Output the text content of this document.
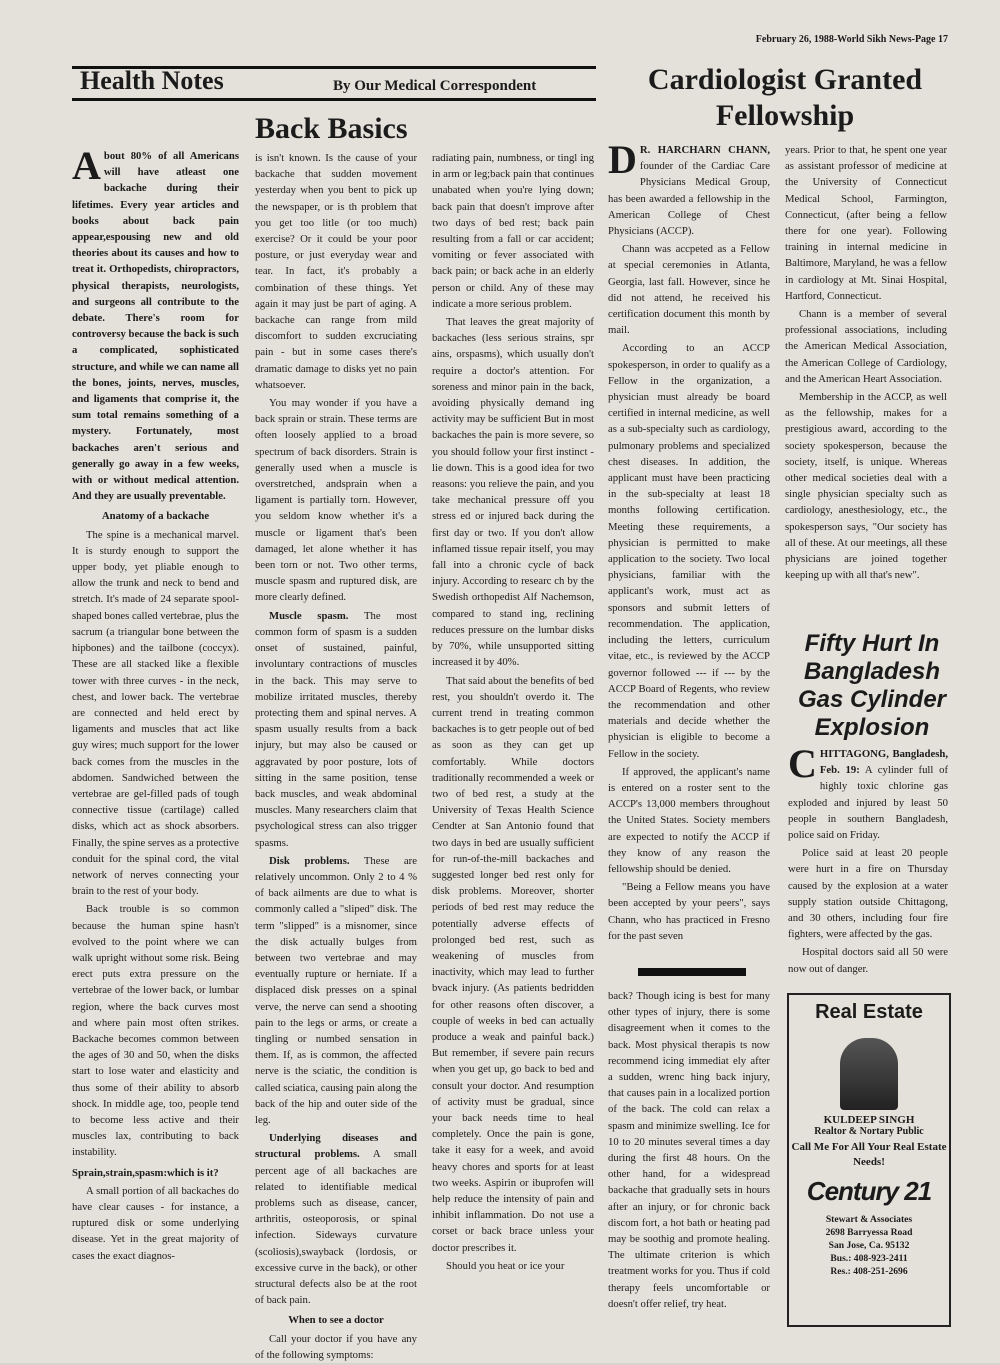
February 26, 1988-World Sikh News-Page 17
Health Notes	By Our Medical Correspondent
Back Basics

About 80% of all Americans will have atleast one backache during their lifetimes. Every year articles and books about back pain appear,espousing new and old theories about its causes and how to treat it. Orthopedists, chiropractors, physical therapists, neurologists, and surgeons all contribute to the debate. There's room for controversy because the back is such a complicated, sophisticated structure, and while we can name all the bones, joints, nerves, muscles, and ligaments that comprise it, the sum total remains something of a mystery. Fortunately, most backaches aren't serious and generally go away in a few weeks, with or without medical attention. And they are usually preventable.

Anatomy of a backache

The spine is a mechanical marvel. It is sturdy enough to support the upper body, yet pliable enough to allow the trunk and neck to bend and stretch. It's made of 24 separate spool-shaped bones called vertebrae, plus the sacrum (a triangular bone between the hipbones) and the tailbone (coccyx). These are all stacked like a flexible tower with three curves - in the neck, chest, and lower back. The vertebrae are connected and held erect by ligaments and muscles that act like guy wires; much support for the lower back comes from the muscles in the abdomen. Sandwiched between the vertebrae are gel-filled pads of tough connective tissue (cartilage) called disks, which act as shock absorbers. Finally, the spine serves as a protective conduit for the spinal cord, the vital network of nerves connecting your brain to the rest of your body.

Back trouble is so common because the human spine hasn't evolved to the point where we can walk upright without some risk. Being erect puts extra pressure on the vertebrae of the lower back, or lumbar region, where the back curves most and where pain most often strikes. Backache becomes common between the ages of 30 and 50, when the disks start to lose water and elasticity and thus some of their ability to absorb shock. In middle age, too, people tend to become less active and their muscles lax, contributing to back instability.

Sprain,strain,spasm:which is it?

A small portion of all backaches do have clear causes - for instance, a ruptured disk or some underlying disease. Yet in the great majority of cases the exact diagnos-

is isn't known. Is the cause of your backache that sudden movement yesterday when you bent to pick up the newspaper, or is th problem that you get too litle (or too much) exercise? Or it could be your poor posture, or just everyday wear and tear. In fact, it's probably a combination of these things. Yet again it may just be part of aging. A backache can range from mild discomfort to sudden excruciating pain - but in some cases there's dramatic damage to disks yet no pain whatsoever.

You may wonder if you have a back sprain or strain. These terms are often loosely applied to a broad spectrum of back disorders. Strain is generally used when a muscle is overstretched, andsprain when a ligament is partially torn. However, you seldom know whether it's a muscle or ligament that's been damaged, let alone whether it has been torn or not. Two other terms, muscle spasm and ruptured disk, are more clearly defined.

Muscle spasm. The most common form of spasm is a sudden onset of sustained, painful, involuntary contractions of muscles in the back. This may serve to mobilize irritated muscles, thereby protecting them and spinal nerves. A spasm usually results from a back injury, but may also be caused or aggravated by poor posture, lots of sitting in the same position, tense back muscles, and weak abdominal muscles. Many researchers claim that psychological stress can also trigger spasms.

Disk problems. These are relatively uncommon. Only 2 to 4 % of back ailments are due to what is commonly called a "sliped" disk. The term "slipped" is a misnomer, since the disk actually bulges from between two vertebrae and may eventually rupture or herniate. If a displaced disk presses on a spinal verve, the nerve can send a shooting pain to the legs or arms, or create a tingling or numbed sensation in them. If, as is common, the affected nerve is the sciatic, the condition is called sciatica, causing pain along the back of the hip and outer side of the leg.

Underlying diseases and structural problems. A small percent age of all backaches are related to identifiable medical problems such as disease, cancer, arthritis, osteoporosis, or spinal infection. Sideways curvature (scoliosis),swayback (lordosis, or excessive curve in the back), or other structural defects also be at the root of back pain.

When to see a doctor

Call your doctor if you have any of the following symptoms:

radiating pain, numbness, or tingl ing in arm or leg;back pain that continues unabated when you're lying down; back pain that doesn't improve after two days of bed rest; back pain resulting from a fall or car accident; vomiting or fever associated with back pain; or back ache in an elderly person or child. Any of these may indicate a more serious problem.

That leaves the great majority of backaches (less serious strains, spr ains, orspasms), which usually don't require a doctor's attention. For soreness and minor pain in the back, avoiding physically demand ing activity may be sufficient But in most backaches the pain is more severe, so you should follow your first instinct - lie down. This is a good idea for two reasons: you relieve the pain, and you take mechanical pressure off you stress ed or injured back during the first day or two. If you don't allow inflamed tissue repair itself, you may fall into a chronic cycle of back injury. According to researc ch by the Swedish orthopedist Alf Nachemson, compared to stand ing, reclining reduces pressure on the lumbar disks by 70%, while unsupported sitting increased it by 40%.

That said about the benefits of bed rest, you shouldn't overdo it. The current trend in treating common backaches is to getr people out of bed as soon as they can get up comfortably. While doctors traditionally recommended a week or two of bed rest, a study at the University of Texas Health Science Cendter at San Antonio found that two days in bed are usually sufficient for run-of-the-mill backaches and suggested longer bed rest only for disk problems. Moreover, shorter periods of bed rest may reduce the potentially adverse effects of prolonged bed rest, such as weakening of muscles from inactivity, which may lead to further bvack injury. (As patients bedridden for other reasons often discover, a couple of weeks in bed can actually produce a weak and painful back.) But remember, if severe pain recurs when you get up, go back to bed and consult your doctor. And resumption of activity must be gradual, since your back needs time to heal completely. Once the pain is gone, take it easy for a week, and avoid heavy chores and sports for at least two weeks. Aspirin or ibuprofen will help reduce the intensity of pain and inhibit inflammation. Do not use a corset or back brace unless your doctor prescribes it.

Should you heat or ice your

Cardiologist Granted Fellowship

D R. HARCHARN CHANN, founder of the Cardiac Care Physicians Medical Group, has been awarded a fellowship in the American College of Chest Physicians (ACCP).

Chann was accpeted as a Fellow at special ceremonies in Atlanta, Georgia, last fall. However, since he did not attend, he received his certification document this month by mail.

According to an ACCP spokesperson, in order to qualify as a Fellow in the organization, a physician must already be board certified in internal medicine, as well as a sub-specialty such as cardiology, pulmonary problems and specialized chest diseases. In addition, the applicant must have been practicing in the sub-specialty at least 18 months following certification. Meeting these requirements, a physician is permitted to make application to the society. Two local physicians, familiar with the applicant's work, must act as sponsors and submit letters of recommendation. The application, including the letters, curriculum vitae, etc., is reviewed by the ACCP governor followed --- if --- by the ACCP Board of Regents, who review the recommendation and other materials and decide whether the physician is eligible to become a Fellow in the society.

If approved, the applicant's name is entered on a roster sent to the ACCP's 13,000 members throughout the United States. Society members are expected to notify the ACCP if they know of any reason the fellowship should be denied.

"Being a Fellow means you have been accepted by your peers", says Chann, who has practiced in Fresno for the past seven

years. Prior to that, he spent one year as assistant professor of medicine at the University of Connecticut Medical School, Farmington, Connecticut, (after being a fellow there for one year). Following training in internal medicine in Baltimore, Maryland, he was a fellow in cardiology at Mt. Sinai Hospital, Hartford, Connecticut.

Chann is a member of several professional associations, including the American Medical Association, the American College of Cardiology, and the American Heart Association.

Membership in the ACCP, as well as the fellowship, makes for a prestigious award, according to the society spokesperson, because the society, itself, is unique. Whereas other medical societies deal with a single physician specialty such as cardiology, anesthesiology, etc., the spokesperson says, "Our society has all of these. At our meetings, all these physicians are joined together keeping up with all that's new".

back? Though icing is best for many other types of injury, there is some disagreement when it comes to the back. Most physical therapis ts now recommend icing immediat ely after a sudden, wrenc hing back injury, that causes pain in a localized portion of the back. The cold can relax a spasm and minimize swelling. Ice for 10 to 20 minutes several times a day during the first 48 hours. On the other hand, for a widespread backache that gradually sets in hours after an injury, or for chronic back discom fort, a hot bath or heating pad may be soothig and promote healing. The ultimate criterion is which treatment works for you. Thus if cold therapy feels uncomfortable or doesn't offer relief, try heat.

Fifty Hurt In Bangladesh Gas Cylinder Explosion

CHITTAGONG, Bangladesh, Feb. 19: A cylinder full of highly toxic chlorine gas exploded and injured by least 50 people in southern Bangladesh, police said on Friday.

Police said at least 20 people were hurt in a fire on Thursday caused by the explosion at a water supply station outside Chittagong, and 30 others, including four fire fighters, were affected by the gas.

Hospital doctors said all 50 were now out of danger.

Real Estate
KULDEEP SINGH
Realtor & Nortary Public
Call Me For All Your Real Estate Needs!
Century 21
Stewart & Associates
2698 Barryessa Road
San Jose, Ca. 95132
Bus.: 408-923-2411
Res.: 408-251-2696
